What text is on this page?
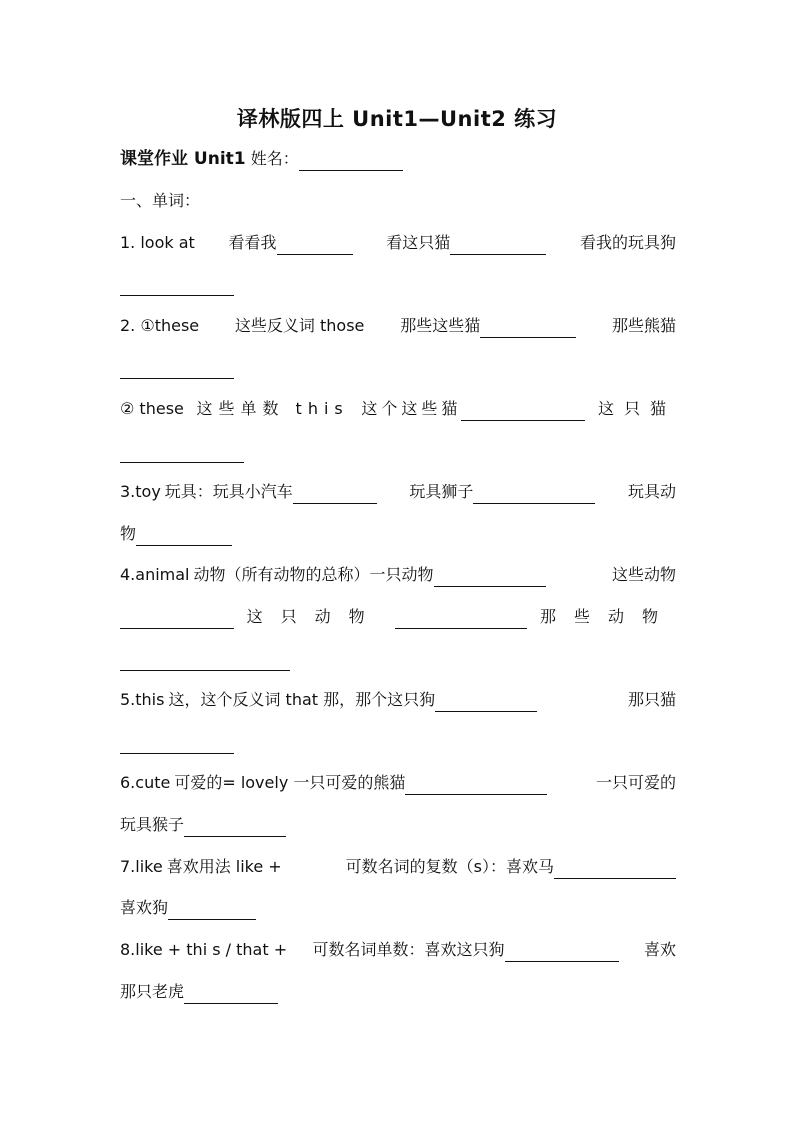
译林版四上 Unit1—Unit2 练习
课堂作业 Unit1 姓名：
一、单词：
1. look at 看看我	看这只猫	看我的玩具狗
2. ①these 这些反义词 those 那些这些猫	那些熊猫
② these 这些单数 this 这个这些猫	这只猫
3.toy 玩具：玩具小汽车	玩具狮子	玩具动
物
4.animal 动物（所有动物的总称）一只动物	这些动物
这只动物	那些动物
5.this 这，这个反义词 that 那，那个这只狗	那只猫
6.cute 可爱的= lovely 一只可爱的熊猫	一只可爱的
玩具猴子
7.like 喜欢用法 like +	可数名词的复数（s）：喜欢马
喜欢狗
8.like + thi s / that + 可数名词单数：喜欢这只狗	喜欢
那只老虎
